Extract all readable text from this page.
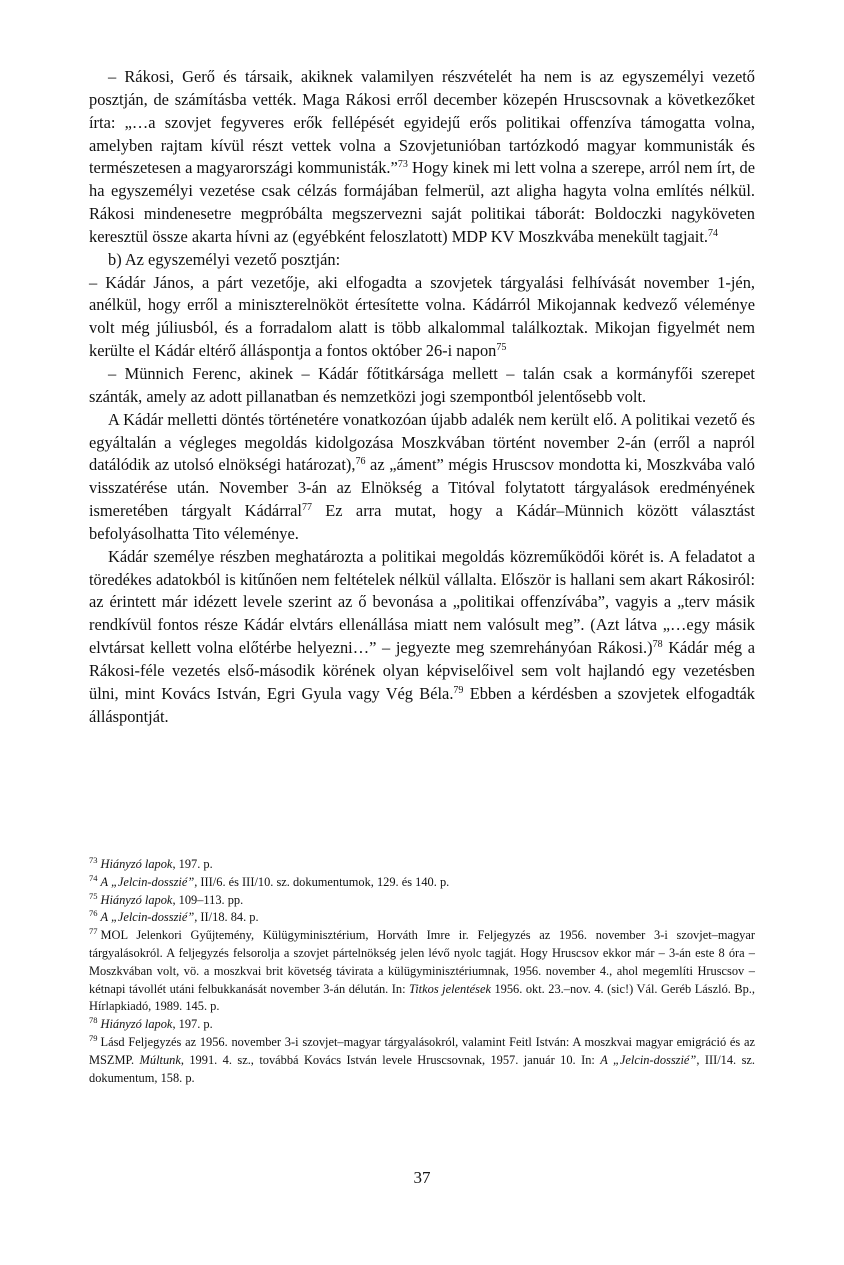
– Rákosi, Gerő és társaik, akiknek valamilyen részvételét ha nem is az egyszemélyi vezető posztján, de számításba vették. Maga Rákosi erről december közepén Hruscsovnak a következőket írta: „…a szovjet fegyveres erők fellépését egyidejű erős politikai offenzíva támogatta volna, amelyben rajtam kívül részt vettek volna a Szovjetunióban tartózkodó magyar kommunisták és természetesen a magyarországi kommunisták.”$^{73}$ Hogy kinek mi lett volna a szerepe, arról nem írt, de ha egyszemélyi vezetése csak célzás formájában felmerül, azt aligha hagyta volna említés nélkül. Rákosi mindenesetre megpróbálta megszervezni saját politikai táborát: Boldoczki nagyköveten keresztül össze akarta hívni az (egyébként feloszlatott) MDP KV Moszkvába menekült tagjait.$^{74}$

b) Az egyszemélyi vezető posztján:

– Kádár János, a párt vezetője, aki elfogadta a szovjetek tárgyalási felhívását november 1-jén, anélkül, hogy erről a miniszterelnököt értesítette volna. Kádárról Mikojannak kedvező véleménye volt még júliusból, és a forradalom alatt is több alkalommal találkoztak. Mikojan figyelmét nem kerülte el Kádár eltérő álláspontja a fontos október 26-i napon$^{75}$

– Münnich Ferenc, akinek – Kádár főtitkársága mellett – talán csak a kormányfői szerepet szánták, amely az adott pillanatban és nemzetközi jogi szempontból jelentősebb volt.

A Kádár melletti döntés történetére vonatkozóan újabb adalék nem került elő. A politikai vezető és egyáltalán a végleges megoldás kidolgozása Moszkvában történt november 2-án (erről a napról datálódik az utolsó elnökségi határozat),$^{76}$ az „áment” mégis Hruscsov mondotta ki, Moszkvába való visszatérése után. November 3-án az Elnökség a Titóval folytatott tárgyalások eredményének ismeretében tárgyalt Kádárral$^{77}$ Ez arra mutat, hogy a Kádár–Münnich között választást befolyásolhatta Tito véleménye.

Kádár személye részben meghatározta a politikai megoldás közreműködői körét is. A feladatot a töredékes adatokból is kitűnően nem feltételek nélkül vállalta. Először is hallani sem akart Rákosiról: az érintett már idézett levele szerint az ő bevonása a „politikai offenzívába”, vagyis a „terv másik rendkívül fontos része Kádár elvtárs ellenállása miatt nem valósult meg”. (Azt látva „…egy másik elvtársat kellett volna előtérbe helyezni…” – jegyezte meg szemrehányóan Rákosi.)$^{78}$ Kádár még a Rákosi-féle vezetés első-második körének olyan képviselőivel sem volt hajlandó egy vezetésben ülni, mint Kovács István, Egri Gyula vagy Vég Béla.$^{79}$ Ebben a kérdésben a szovjetek elfogadták álláspontját.

$^{73}$ Hiányzó lapok, 197. p.

$^{74}$ A „Jelcin-dosszié”, III/6. és III/10. sz. dokumentumok, 129. és 140. p.

$^{75}$ Hiányzó lapok, 109–113. pp.

$^{76}$ A „Jelcin-dosszié”, II/18. 84. p.

$^{77}$ MOL Jelenkori Gyűjtemény, Külügyminisztérium, Horváth Imre ir. Feljegyzés az 1956. november 3-i szovjet–magyar tárgyalásokról. A feljegyzés felsorolja a szovjet pártelnökség jelen lévő nyolc tagját. Hogy Hruscsov ekkor már – 3-án este 8 óra – Moszkvában volt, vö. a moszkvai brit követség távirata a külügyminisztériumnak, 1956. november 4., ahol megemlíti Hruscsov – kétnapi távollét utáni felbukkanását november 3-án délután. In: Titkos jelentések 1956. okt. 23.–nov. 4. (sic!) Vál. Geréb László. Bp., Hírlapkiadó, 1989. 145. p.

$^{78}$ Hiányzó lapok, 197. p.

$^{79}$ Lásd Feljegyzés az 1956. november 3-i szovjet–magyar tárgyalásokról, valamint Feitl István: A moszkvai magyar emigráció és az MSZMP. Múltunk, 1991. 4. sz., továbbá Kovács István levele Hruscsovnak, 1957. január 10. In: A „Jelcin-dosszié”, III/14. sz. dokumentum, 158. p.

37
